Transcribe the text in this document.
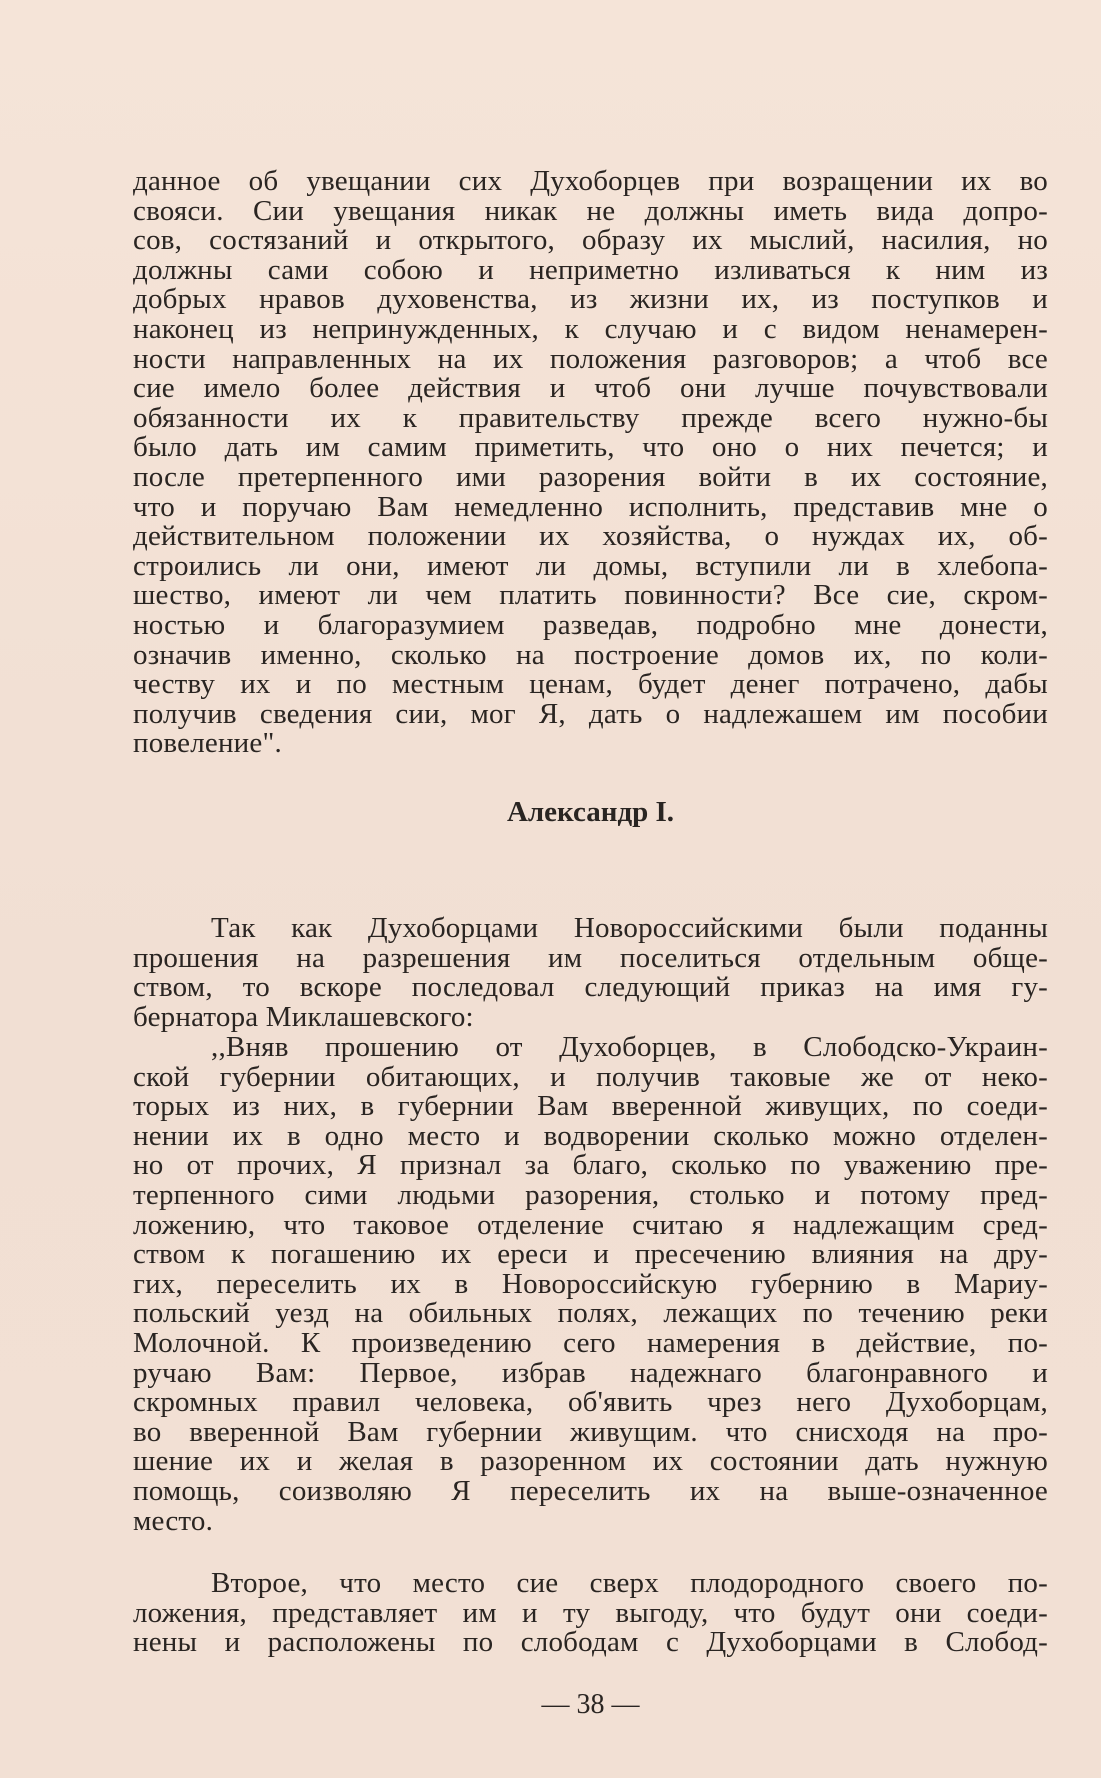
данное об увещании сих Духоборцев при возращении их во
свояси. Сии увещания никак не должны иметь вида допро-
сов, состязаний и открытого, образу их мыслий, насилия, но
должны сами собою и неприметно изливаться к ним из
добрых нравов духовенства, из жизни их, из поступков и
наконец из непринужденных, к случаю и с видом ненамерен-
ности направленных на их положения разговоров; а чтоб все
сие имело более действия и чтоб они лучше почувствовали
обязанности их к правительству прежде всего нужно-бы
было дать им самим приметить, что оно о них печется; и
после претерпенного ими разорения войти в их состояние,
что и поручаю Вам немедленно исполнить, представив мне о
действительном положении их хозяйства, о нуждах их, об-
строились ли они, имеют ли домы, вступили ли в хлебопа-
шество, имеют ли чем платить повинности? Все сие, скром-
ностью и благоразумием разведав, подробно мне донести,
означив именно, сколько на построение домов их, по коли-
честву их и по местным ценам, будет денег потрачено, дабы
получив сведения сии, мог Я, дать о надлежашем им пособии
повеление".
Александр I.
Так как Духоборцами Новороссийскими были поданны
прошения на разрешения им поселиться отдельным обще-
ством, то вскоре последовал следующий приказ на имя гу-
бернатора Миклашевского:
,,Вняв прошению от Духоборцев, в Слободско-Украин-
ской губернии обитающих, и получив таковые же от неко-
торых из них, в губернии Вам вверенной живущих, по соеди-
нении их в одно место и водворении сколько можно отделен-
но от прочих, Я признал за благо, сколько по уважению пре-
терпенного сими людьми разорения, столько и потому пред-
ложению, что таковое отделение считаю я надлежащим сред-
ством к погашению их ереси и пресечению влияния на дру-
гих, переселить их в Новороссийскую губернию в Мариу-
польский уезд на обильных полях, лежащих по течению реки
Молочной. К произведению сего намерения в действие, по-
ручаю Вам: Первое, избрав надежнаго благонравного и
скромных правил человека, об'явить чрез него Духоборцам,
во вверенной Вам губернии живущим. что снисходя на про-
шение их и желая в разоренном их состоянии дать нужную
помощь, соизволяю Я переселить их на выше-означенное
место.
Второе, что место сие сверх плодородного своего по-
ложения, представляет им и ту выгоду, что будут они соеди-
нены и расположены по слободам с Духоборцами в Слобод-
— 38 —
